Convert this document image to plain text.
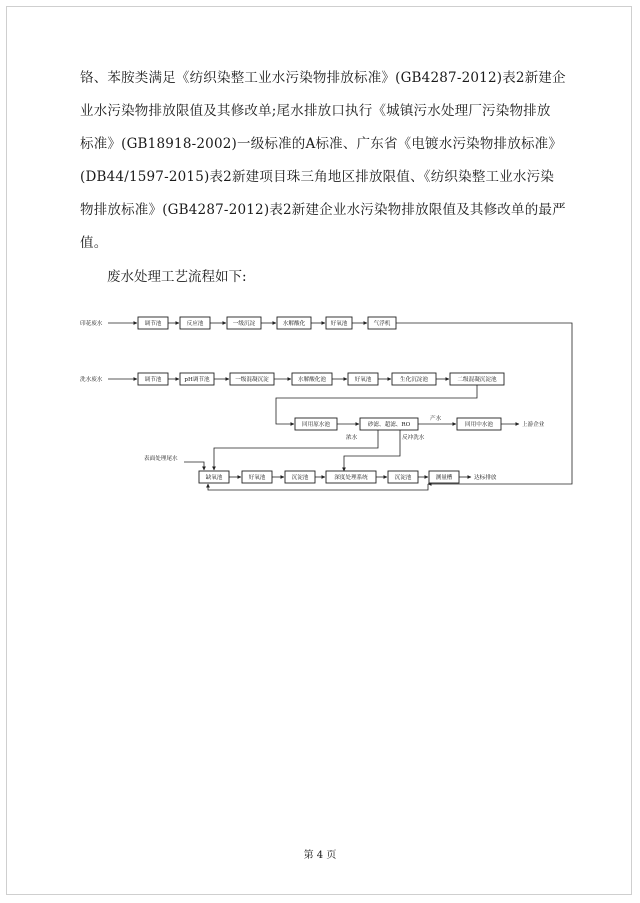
铬、苯胺类满足《纺织染整工业水污染物排放标准》(GB4287-2012)表2新建企
业水污染物排放限值及其修改单;尾水排放口执行《城镇污水处理厂污染物排放
标准》(GB18918-2002)一级标准的A标准、广东省《电镀水污染物排放标准》
(DB44/1597-2015)表2新建项目珠三角地区排放限值、《纺织染整工业水污染
物排放标准》(GB4287-2012)表2新建企业水污染物排放限值及其修改单的最严
值。
废水处理工艺流程如下:
印花废水	调节池	反应池	一级沉淀	水解酸化	好氧池	气浮机
洗水废水	调节池	pH调节池	一级混凝沉淀	水解酸化池	好氧池	生化沉淀池	二级混凝沉淀池
回用原水池	砂滤、超滤、RO
产水
回用中水池	上游企业
浓水	反冲洗水
表面处理尾水
缺氧池	好氧池	沉淀池	深度处理系统	沉淀池	测量槽	达标排放
第 4 页
